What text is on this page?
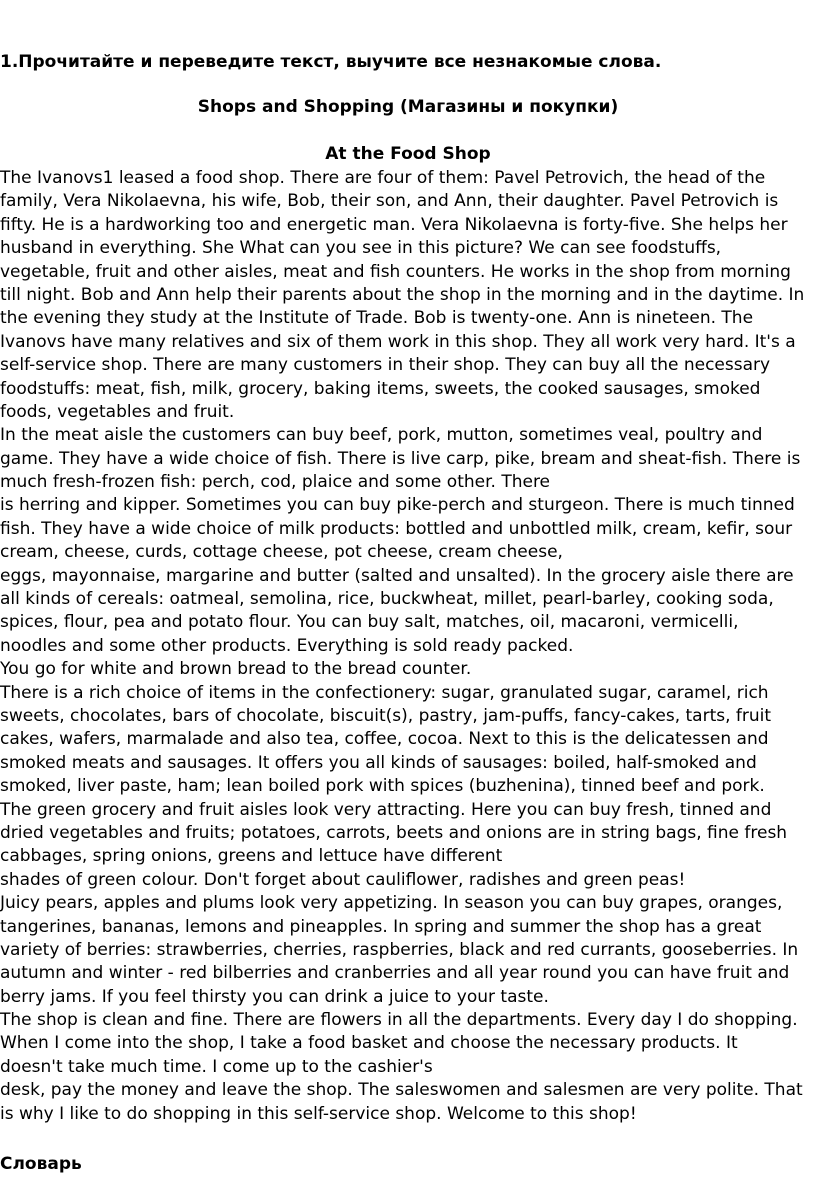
1.Прочитайте и переведите текст, выучите все незнакомые слова.
Shops and Shopping (Магазины и покупки)
At the Food Shop
The Ivanovs1 leased a food shop. There are four of them: Pavel Petrovich, the head of the
family, Vera Nikolaevna, his wife, Bob, their son, and Ann, their daughter. Pavel Petrovich is
fifty. He is a hardworking too and energetic man. Vera Nikolaevna is forty-five. She helps her
husband in everything. She What can you see in this picture? We can see foodstuffs,
vegetable, fruit and other aisles, meat and fish counters. He works in the shop from morning
till night. Bob and Ann help their parents about the shop in the morning and in the daytime. In
the evening they study at the Institute of Trade. Bob is twenty-one. Ann is nineteen. The
Ivanovs have many relatives and six of them work in this shop. They all work very hard. It's a
self-service shop. There are many customers in their shop. They can buy all the necessary
foodstuffs: meat, fish, milk, grocery, baking items, sweets, the cooked sausages, smoked
foods, vegetables and fruit.
In the meat aisle the customers can buy beef, pork, mutton, sometimes veal, poultry and
game. They have a wide choice of fish. There is live carp, pike, bream and sheat-fish. There is
much fresh-frozen fish: perch, cod, plaice and some other. There
is herring and kipper. Sometimes you can buy pike-perch and sturgeon. There is much tinned
fish. They have a wide choice of milk products: bottled and unbottled milk, cream, kefir, sour
cream, cheese, curds, cottage cheese, pot cheese, cream cheese,
eggs, mayonnaise, margarine and butter (salted and unsalted). In the grocery aisle there are
all kinds of cereals: oatmeal, semolina, rice, buckwheat, millet, pearl-barley, cooking soda,
spices, flour, pea and potato flour. You can buy salt, matches, oil, macaroni, vermicelli,
noodles and some other products. Everything is sold ready packed.
You go for white and brown bread to the bread counter.
There is a rich choice of items in the confectionery: sugar, granulated sugar, caramel, rich
sweets, chocolates, bars of chocolate, biscuit(s), pastry, jam-puffs, fancy-cakes, tarts, fruit
cakes, wafers, marmalade and also tea, coffee, cocoa. Next to this is the delicatessen and
smoked meats and sausages. It offers you all kinds of sausages: boiled, half-smoked and
smoked, liver paste, ham; lean boiled pork with spices (buzhenina), tinned beef and pork.
The green grocery and fruit aisles look very attracting. Here you can buy fresh, tinned and
dried vegetables and fruits; potatoes, carrots, beets and onions are in string bags, fine fresh
cabbages, spring onions, greens and lettuce have different
shades of green colour. Don't forget about cauliflower, radishes and green peas!
Juicy pears, apples and plums look very appetizing. In season you can buy grapes, oranges,
tangerines, bananas, lemons and pineapples. In spring and summer the shop has a great
variety of berries: strawberries, cherries, raspberries, black and red currants, gooseberries. In
autumn and winter - red bilberries and cranberries and all year round you can have fruit and
berry jams. If you feel thirsty you can drink a juice to your taste.
The shop is clean and fine. There are flowers in all the departments. Every day I do shopping.
When I come into the shop, I take a food basket and choose the necessary products. It
doesn't take much time. I come up to the cashier's
desk, pay the money and leave the shop. The saleswomen and salesmen are very polite. That
is why I like to do shopping in this self-service shop. Welcome to this shop!
Словарь
